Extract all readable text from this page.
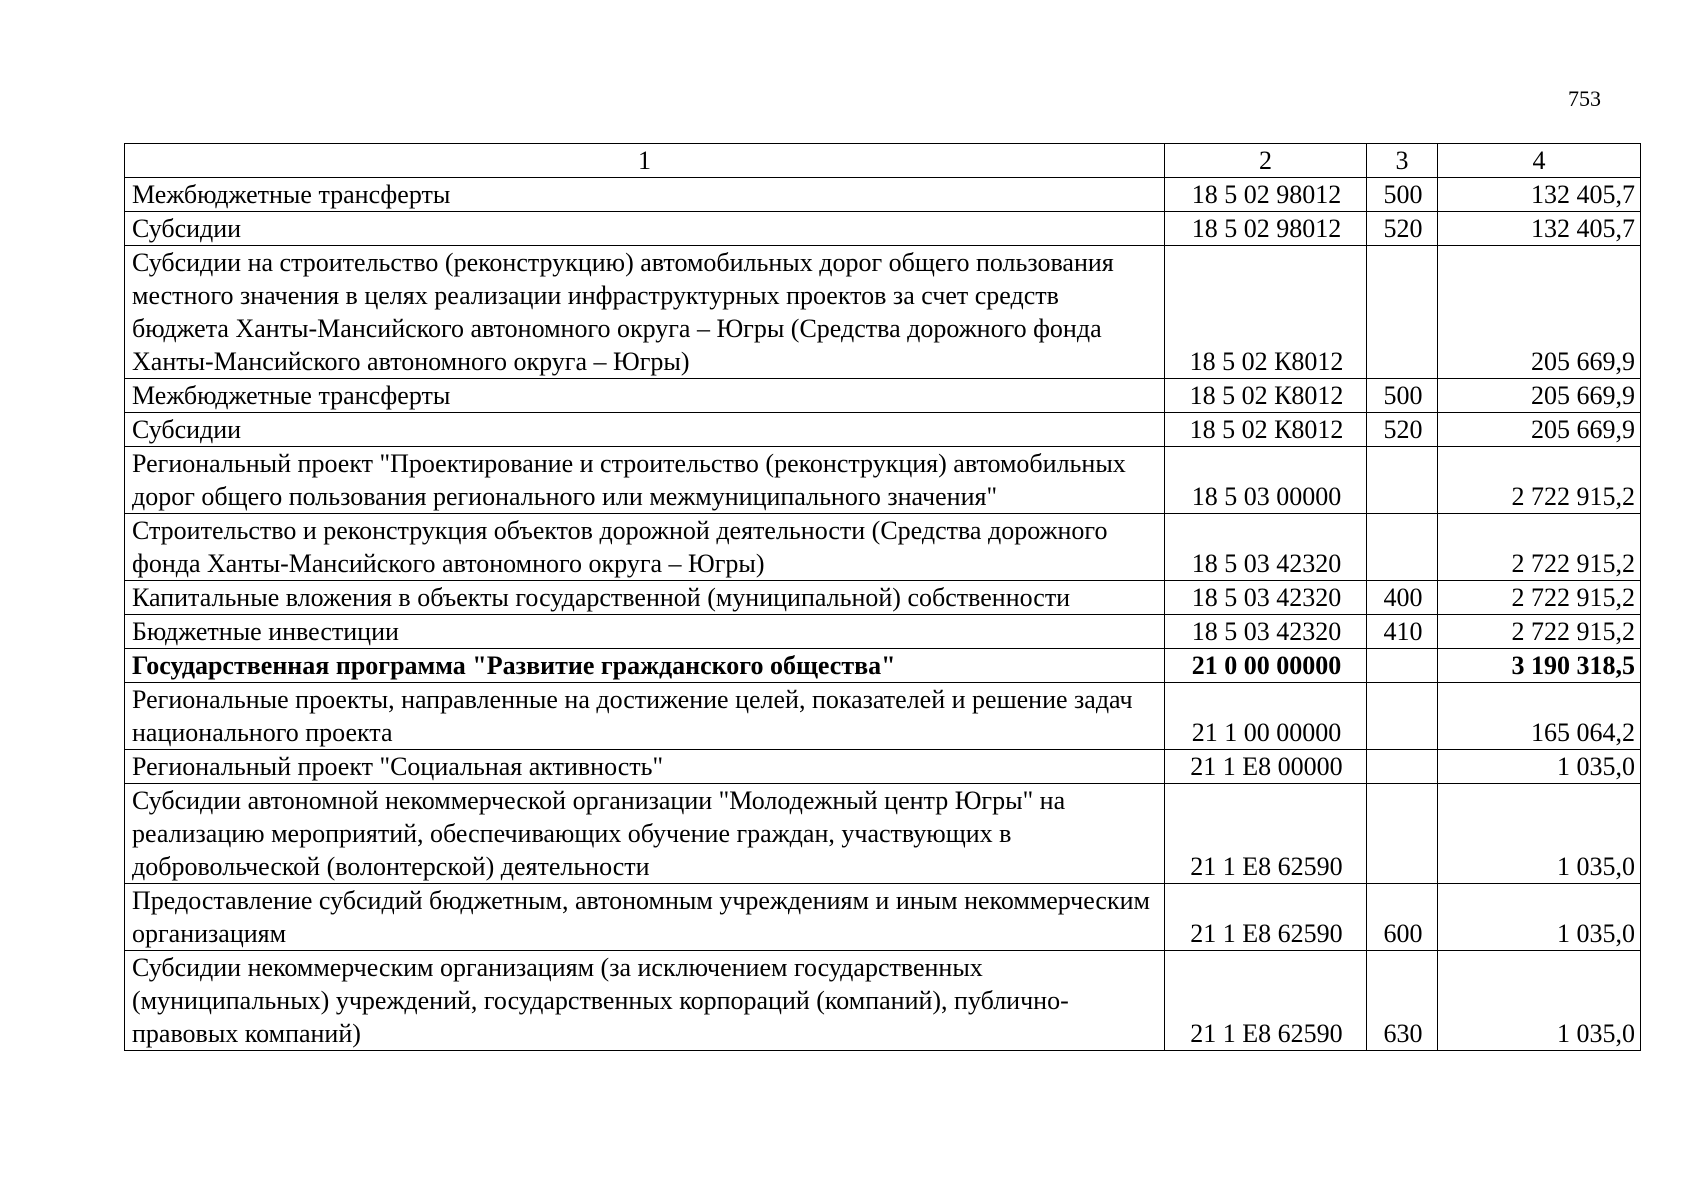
753
1	2	3	4
Межбюджетные трансферты	18 5 02 98012	500	132 405,7
Субсидии	18 5 02 98012	520	132 405,7
Субсидии на строительство (реконструкцию) автомобильных дорог общего пользования местного значения в целях реализации инфраструктурных проектов за счет средств бюджета Ханты-Мансийского автономного округа – Югры (Средства дорожного фонда Ханты-Мансийского автономного округа – Югры)	18 5 02 К8012		205 669,9
Межбюджетные трансферты	18 5 02 К8012	500	205 669,9
Субсидии	18 5 02 К8012	520	205 669,9
Региональный проект "Проектирование и строительство (реконструкция) автомобильных дорог общего пользования регионального или межмуниципального значения"	18 5 03 00000		2 722 915,2
Строительство и реконструкция объектов дорожной деятельности (Средства дорожного фонда Ханты-Мансийского автономного округа – Югры)	18 5 03 42320		2 722 915,2
Капитальные вложения в объекты государственной (муниципальной) собственности	18 5 03 42320	400	2 722 915,2
Бюджетные инвестиции	18 5 03 42320	410	2 722 915,2
Государственная программа "Развитие гражданского общества"	21 0 00 00000		3 190 318,5
Региональные проекты, направленные на достижение целей, показателей и решение задач национального проекта	21 1 00 00000		165 064,2
Региональный проект "Социальная активность"	21 1 Е8 00000		1 035,0
Субсидии автономной некоммерческой организации "Молодежный центр Югры" на реализацию мероприятий, обеспечивающих обучение граждан, участвующих в добровольческой (волонтерской) деятельности	21 1 Е8 62590		1 035,0
Предоставление субсидий бюджетным, автономным учреждениям и иным некоммерческим организациям	21 1 Е8 62590	600	1 035,0
Субсидии некоммерческим организациям (за исключением государственных (муниципальных) учреждений, государственных корпораций (компаний), публично-правовых компаний)	21 1 Е8 62590	630	1 035,0
